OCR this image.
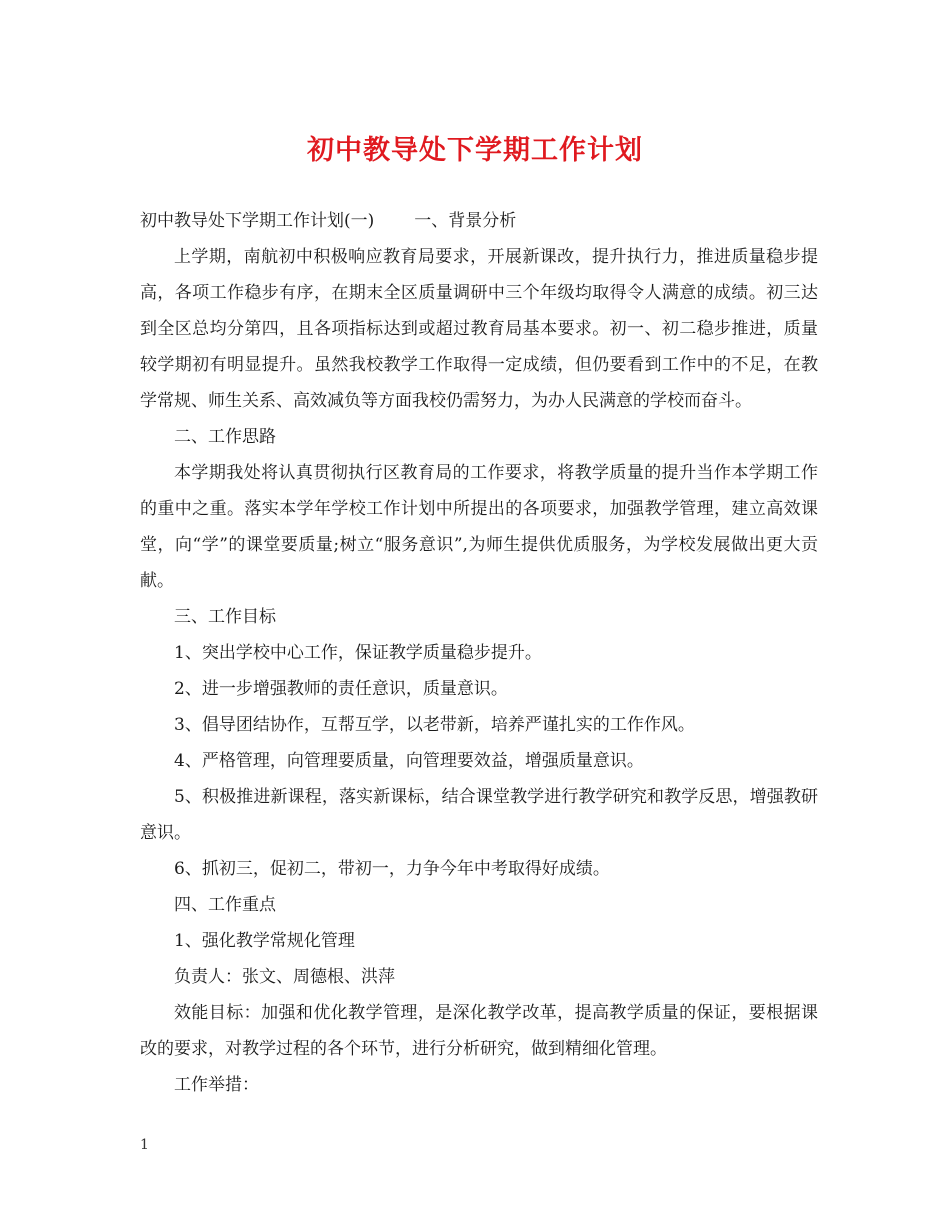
初中教导处下学期工作计划

初中教导处下学期工作计划(一) 一、背景分析

上学期，南航初中积极响应教育局要求，开展新课改，提升执行力，推进质量稳步提高，各项工作稳步有序，在期末全区质量调研中三个年级均取得令人满意的成绩。初三达到全区总均分第四，且各项指标达到或超过教育局基本要求。初一、初二稳步推进，质量较学期初有明显提升。虽然我校教学工作取得一定成绩，但仍要看到工作中的不足，在教学常规、师生关系、高效减负等方面我校仍需努力，为办人民满意的学校而奋斗。

二、工作思路

本学期我处将认真贯彻执行区教育局的工作要求，将教学质量的提升当作本学期工作的重中之重。落实本学年学校工作计划中所提出的各项要求，加强教学管理，建立高效课堂，向“学”的课堂要质量;树立“服务意识”,为师生提供优质服务，为学校发展做出更大贡献。

三、工作目标

1、突出学校中心工作，保证教学质量稳步提升。

2、进一步增强教师的责任意识，质量意识。

3、倡导团结协作，互帮互学，以老带新，培养严谨扎实的工作作风。

4、严格管理，向管理要质量，向管理要效益，增强质量意识。

5、积极推进新课程，落实新课标，结合课堂教学进行教学研究和教学反思，增强教研意识。

6、抓初三，促初二，带初一，力争今年中考取得好成绩。

四、工作重点

1、强化教学常规化管理

负责人：张文、周德根、洪萍

效能目标：加强和优化教学管理，是深化教学改革，提高教学质量的保证，要根据课改的要求，对教学过程的各个环节，进行分析研究，做到精细化管理。

工作举措：

1
